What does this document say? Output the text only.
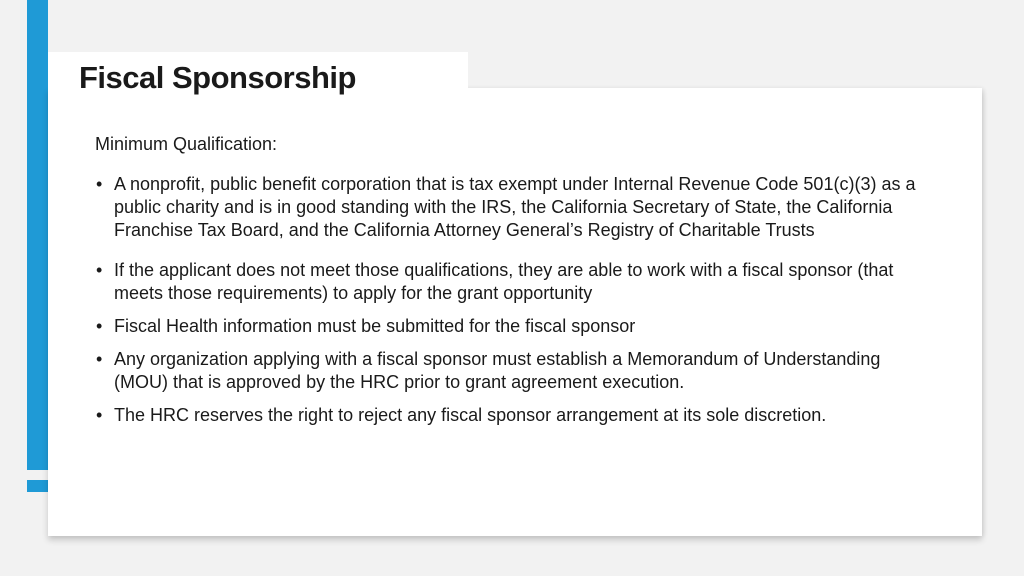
Fiscal Sponsorship

Minimum Qualification:

• A nonprofit, public benefit corporation that is tax exempt under Internal Revenue Code 501(c)(3) as a public charity and is in good standing with the IRS, the California Secretary of State, the California Franchise Tax Board, and the California Attorney General’s Registry of Charitable Trusts
• If the applicant does not meet those qualifications, they are able to work with a fiscal sponsor (that meets those requirements) to apply for the grant opportunity
• Fiscal Health information must be submitted for the fiscal sponsor
• Any organization applying with a fiscal sponsor must establish a Memorandum of Understanding (MOU) that is approved by the HRC prior to grant agreement execution.
• The HRC reserves the right to reject any fiscal sponsor arrangement at its sole discretion.
